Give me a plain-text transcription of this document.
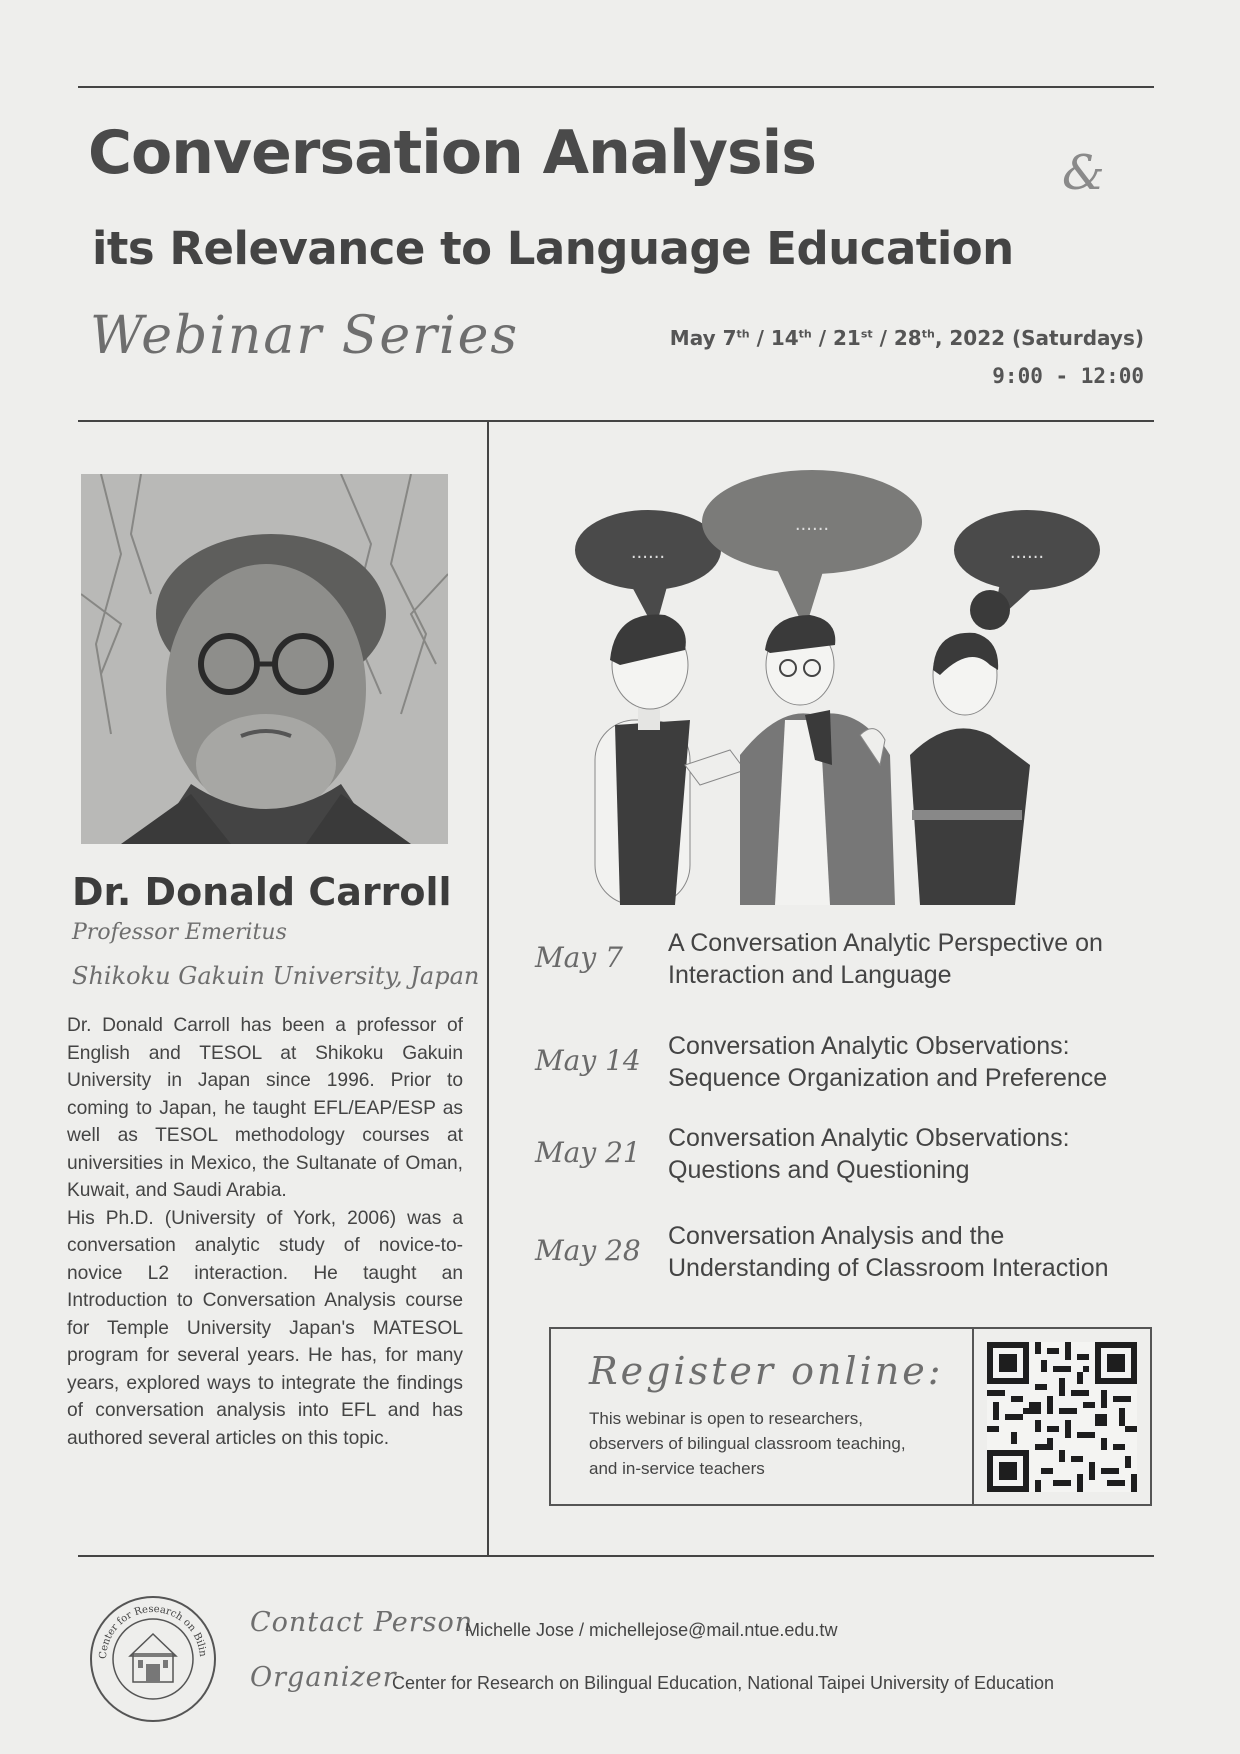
Conversation Analysis	&
its Relevance to Language Education
Webinar Series	May 7th / 14th / 21st / 28th, 2022 (Saturdays)
9:00 - 12:00
Dr. Donald Carroll
Professor Emeritus
Shikoku Gakuin University, Japan

Dr. Donald Carroll has been a professor of English and TESOL at Shikoku Gakuin University in Japan since 1996. Prior to coming to Japan, he taught EFL/EAP/ESP as well as TESOL methodology courses at universities in Mexico, the Sultanate of Oman, Kuwait, and Saudi Arabia.

His Ph.D. (University of York, 2006) was a conversation analytic study of novice-to-novice L2 interaction. He taught an Introduction to Conversation Analysis course for Temple University Japan's MATESOL program for several years. He has, for many years, explored ways to integrate the findings of conversation analysis into EFL and has authored several articles on this topic.

......
......
......
May 7	A Conversation Analytic Perspective on
Interaction and Language
May 14	Conversation Analytic Observations:
Sequence Organization and Preference
May 21	Conversation Analytic Observations:
Questions and Questioning
May 28	Conversation Analysis and the
Understanding of Classroom Interaction
Register online:
This webinar is open to researchers, observers of bilingual classroom teaching, and in-service teachers
Center for Research on Bilin
Contact Person
Michelle Jose / michellejose@mail.ntue.edu.tw
Organizer
Center for Research on Bilingual Education, National Taipei University of Education
